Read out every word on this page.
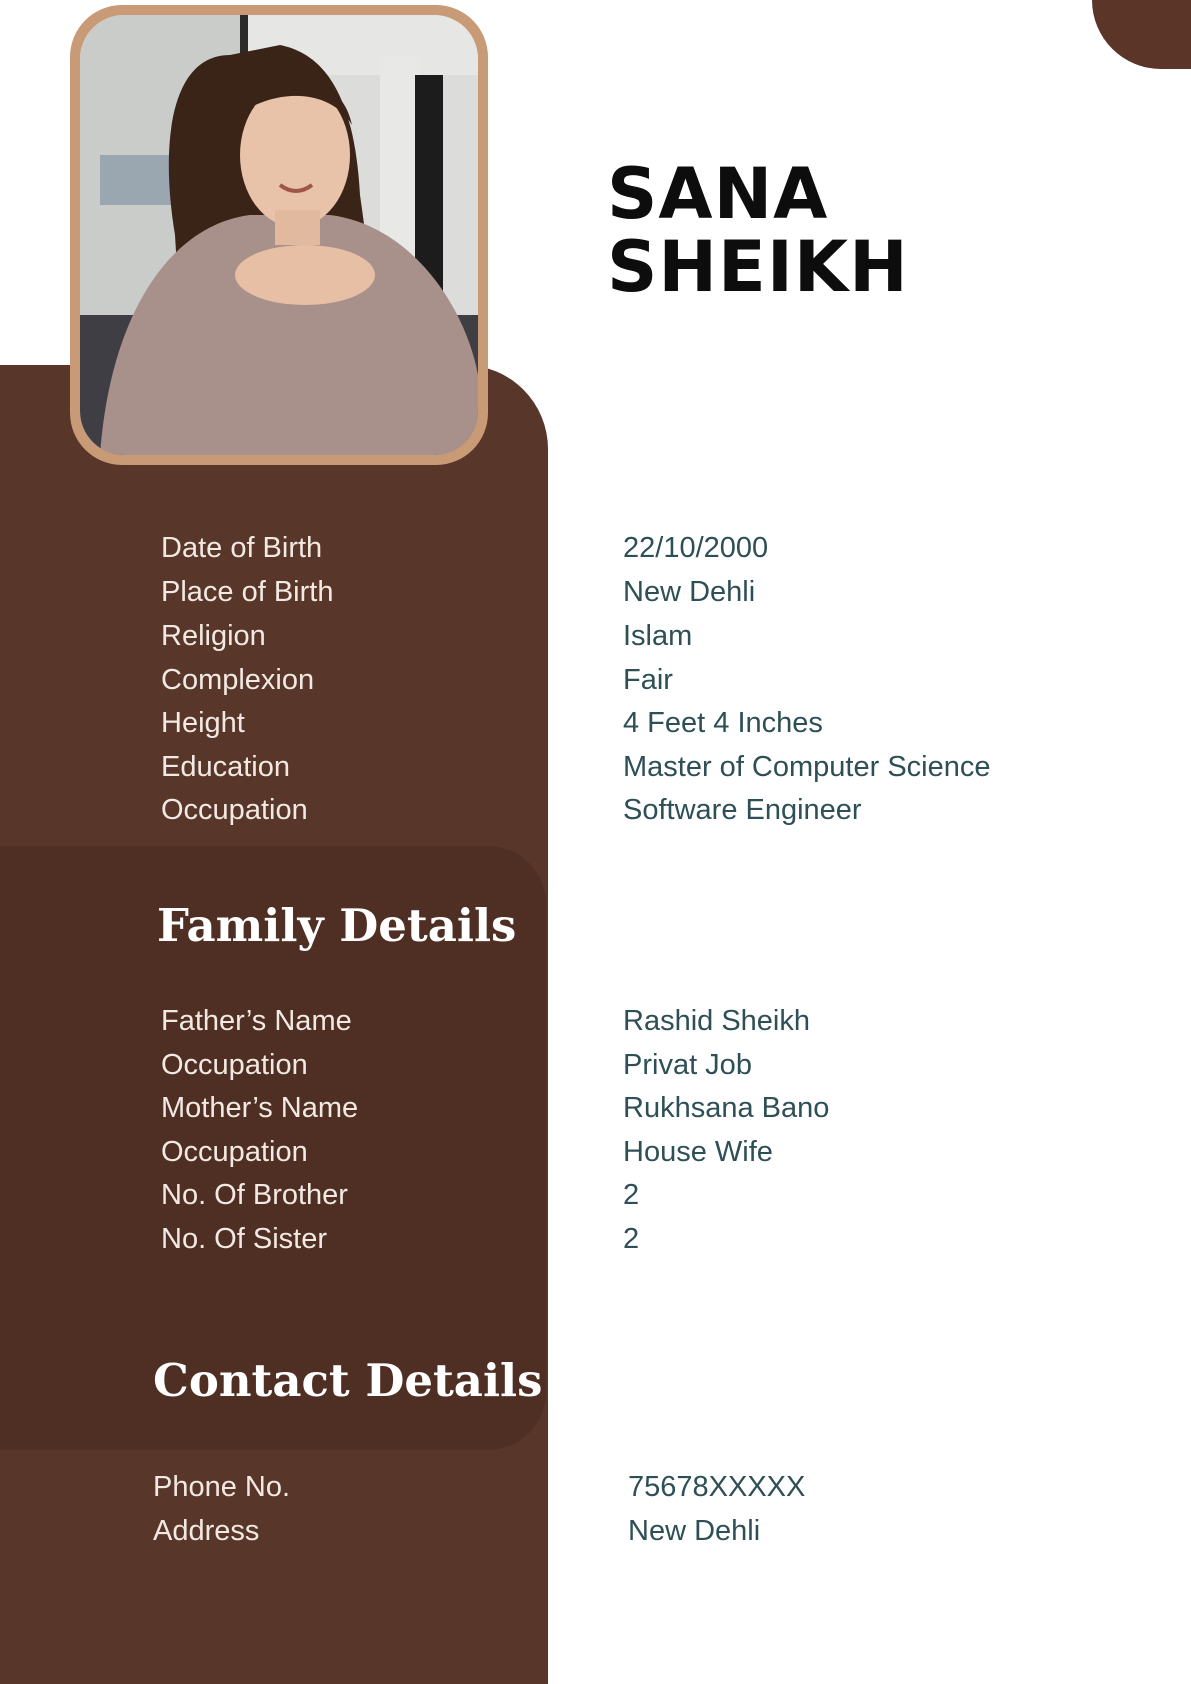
SANA
SHEIKH
Date of Birth	22/10/2000
Place of Birth	New Dehli
Religion	Islam
Complexion	Fair
Height	4 Feet 4 Inches
Education	Master of Computer Science
Occupation	Software Engineer
Family Details
Father’s Name	Rashid Sheikh
Occupation	Privat Job
Mother’s Name	Rukhsana Bano
Occupation	House Wife
No. Of Brother	2
No. Of Sister	2
Contact Details
Phone No.	75678XXXXX
Address	New Dehli
